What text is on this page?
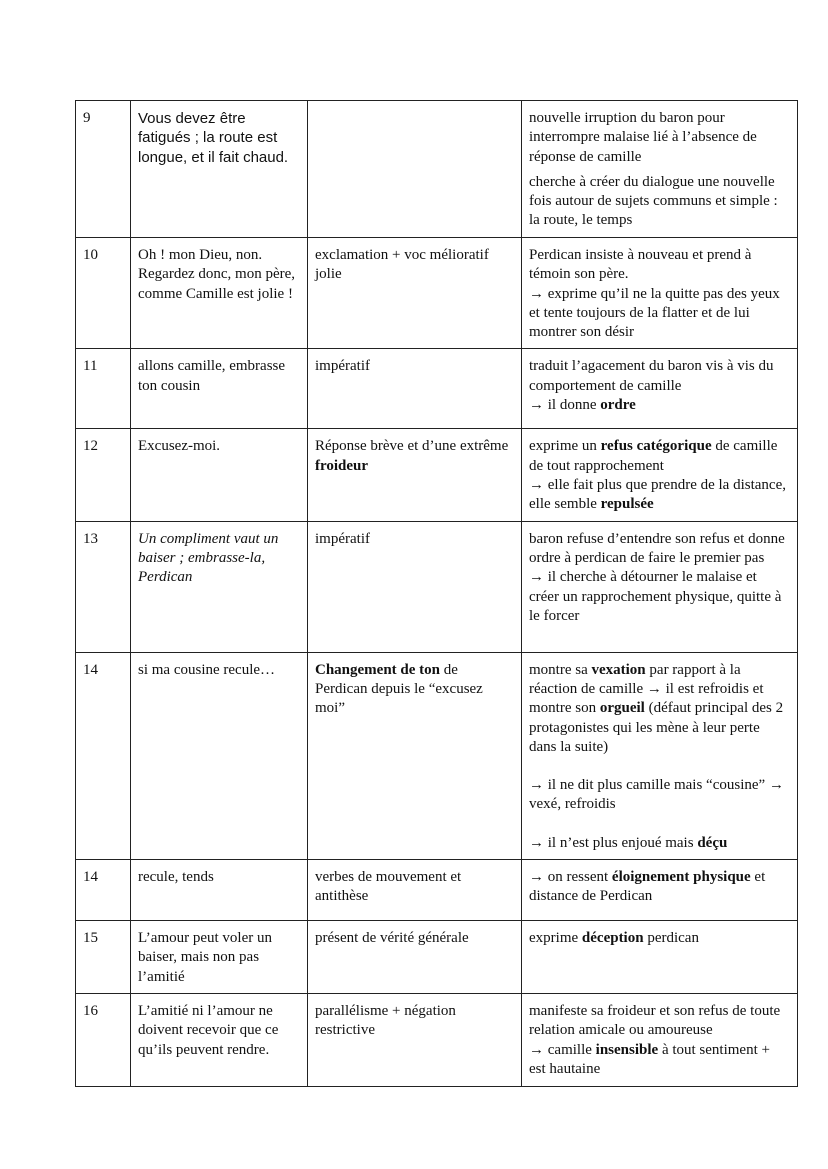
9	Vous devez être fatigués ; la route est longue, et il fait chaud.		nouvelle irruption du baron pour interrompre malaise lié à l’absence de réponse de camille
cherche à créer du dialogue une nouvelle fois autour de sujets communs et simple : la route, le temps

10	Oh ! mon Dieu, non. Regardez donc, mon père, comme Camille est jolie !	exclamation + voc mélioratif jolie	Perdican insiste à nouveau et prend à témoin son père.
→ exprime qu’il ne la quitte pas des yeux et tente toujours de la flatter et de lui montrer son désir

11	allons camille, embrasse ton cousin	impératif	traduit l’agacement du baron vis à vis du comportement de camille
→ il donne ordre

12	Excusez-moi.	Réponse brève et d’une extrême froideur	exprime un refus catégorique de camille de tout rapprochement
→ elle fait plus que prendre de la distance, elle semble repulsée

13	Un compliment vaut un baiser ; embrasse-la, Perdican	impératif	baron refuse d’entendre son refus et donne ordre à perdican de faire le premier pas
→ il cherche à détourner le malaise et créer un rapprochement physique, quitte à le forcer

14	si ma cousine recule…	Changement de ton de Perdican depuis le “excusez moi”	montre sa vexation par rapport à la réaction de camille → il est refroidis et montre son orgueil (défaut principal des 2 protagonistes qui les mène à leur perte dans la suite)
→ il ne dit plus camille mais “cousine” → vexé, refroidis
→ il n’est plus enjoué mais déçu

14	recule, tends	verbes de mouvement et antithèse	→ on ressent éloignement physique et distance de Perdican
15	L’amour peut voler un baiser, mais non pas l’amitié	présent de vérité générale	exprime déception perdican
16	L’amitié ni l’amour ne doivent recevoir que ce qu’ils peuvent rendre.	parallélisme + négation restrictive	manifeste sa froideur et son refus de toute relation amicale ou amoureuse
→ camille insensible à tout sentiment + est hautaine
